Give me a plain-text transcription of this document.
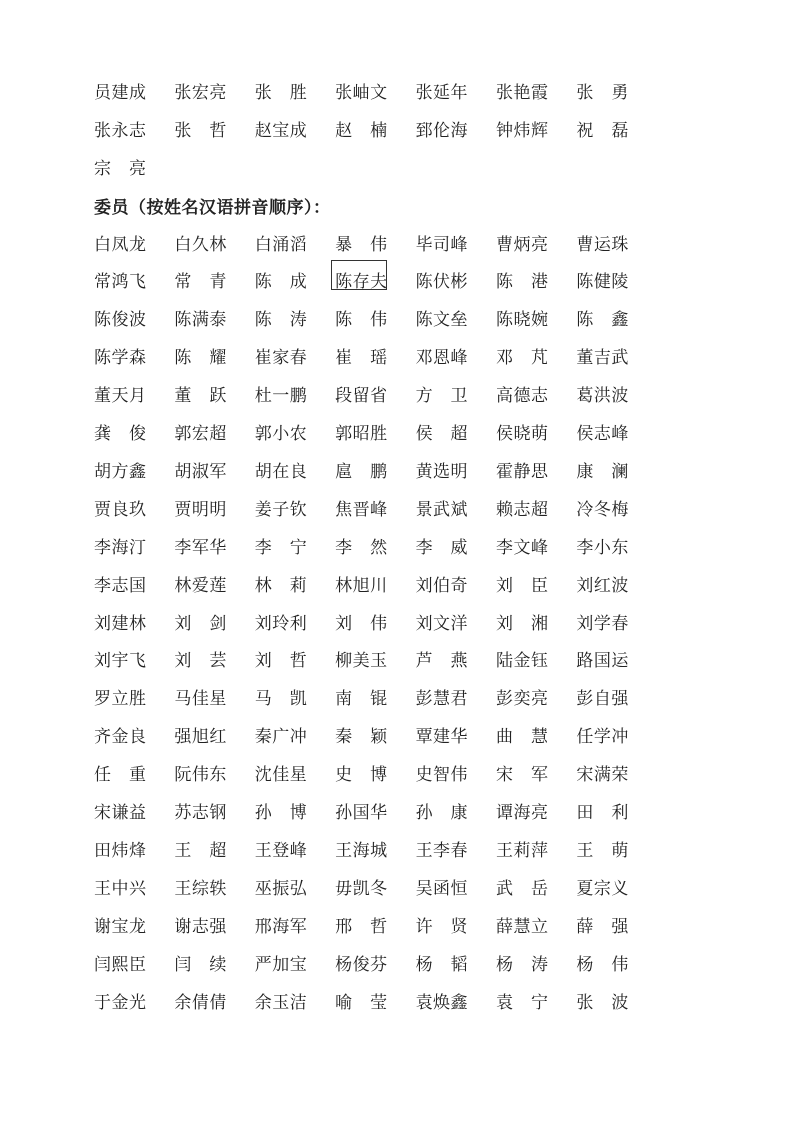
员建成	张宏亮	张　胜	张岫文	张延年	张艳霞	张　勇
张永志	张　哲	赵宝成	赵　楠	郅伦海	钟炜辉	祝　磊
宗　亮
委员（按姓名汉语拼音顺序）：
白凤龙	白久林	白涌滔	暴　伟	毕司峰	曹炳亮	曹运珠
常鸿飞	常　青	陈　成	陈存夫	陈伏彬	陈　港	陈健陵
陈俊波	陈满泰	陈　涛	陈　伟	陈文垒	陈晓婉	陈　鑫
陈学森	陈　耀	崔家春	崔　瑶	邓恩峰	邓　芃	董吉武
董天月	董　跃	杜一鹏	段留省	方　卫	高德志	葛洪波
龚　俊	郭宏超	郭小农	郭昭胜	侯　超	侯晓萌	侯志峰
胡方鑫	胡淑军	胡在良	扈　鹏	黄选明	霍静思	康　澜
贾良玖	贾明明	姜子钦	焦晋峰	景武斌	赖志超	冷冬梅
李海汀	李军华	李　宁	李　然	李　威	李文峰	李小东
李志国	林爱莲	林　莉	林旭川	刘伯奇	刘　臣	刘红波
刘建林	刘　剑	刘玲利	刘　伟	刘文洋	刘　湘	刘学春
刘宇飞	刘　芸	刘　哲	柳美玉	芦　燕	陆金钰	路国运
罗立胜	马佳星	马　凯	南　锟	彭慧君	彭奕亮	彭自强
齐金良	强旭红	秦广冲	秦　颖	覃建华	曲　慧	任学冲
任　重	阮伟东	沈佳星	史　博	史智伟	宋　军	宋满荣
宋谦益	苏志钢	孙　博	孙国华	孙　康	谭海亮	田　利
田炜烽	王　超	王登峰	王海城	王李春	王莉萍	王　萌
王中兴	王综轶	巫振弘	毋凯冬	吴函恒	武　岳	夏宗义
谢宝龙	谢志强	邢海军	邢　哲	许　贤	薛慧立	薛　强
闫熙臣	闫　续	严加宝	杨俊芬	杨　韬	杨　涛	杨　伟
于金光	余倩倩	余玉洁	喻　莹	袁焕鑫	袁　宁	张　波
